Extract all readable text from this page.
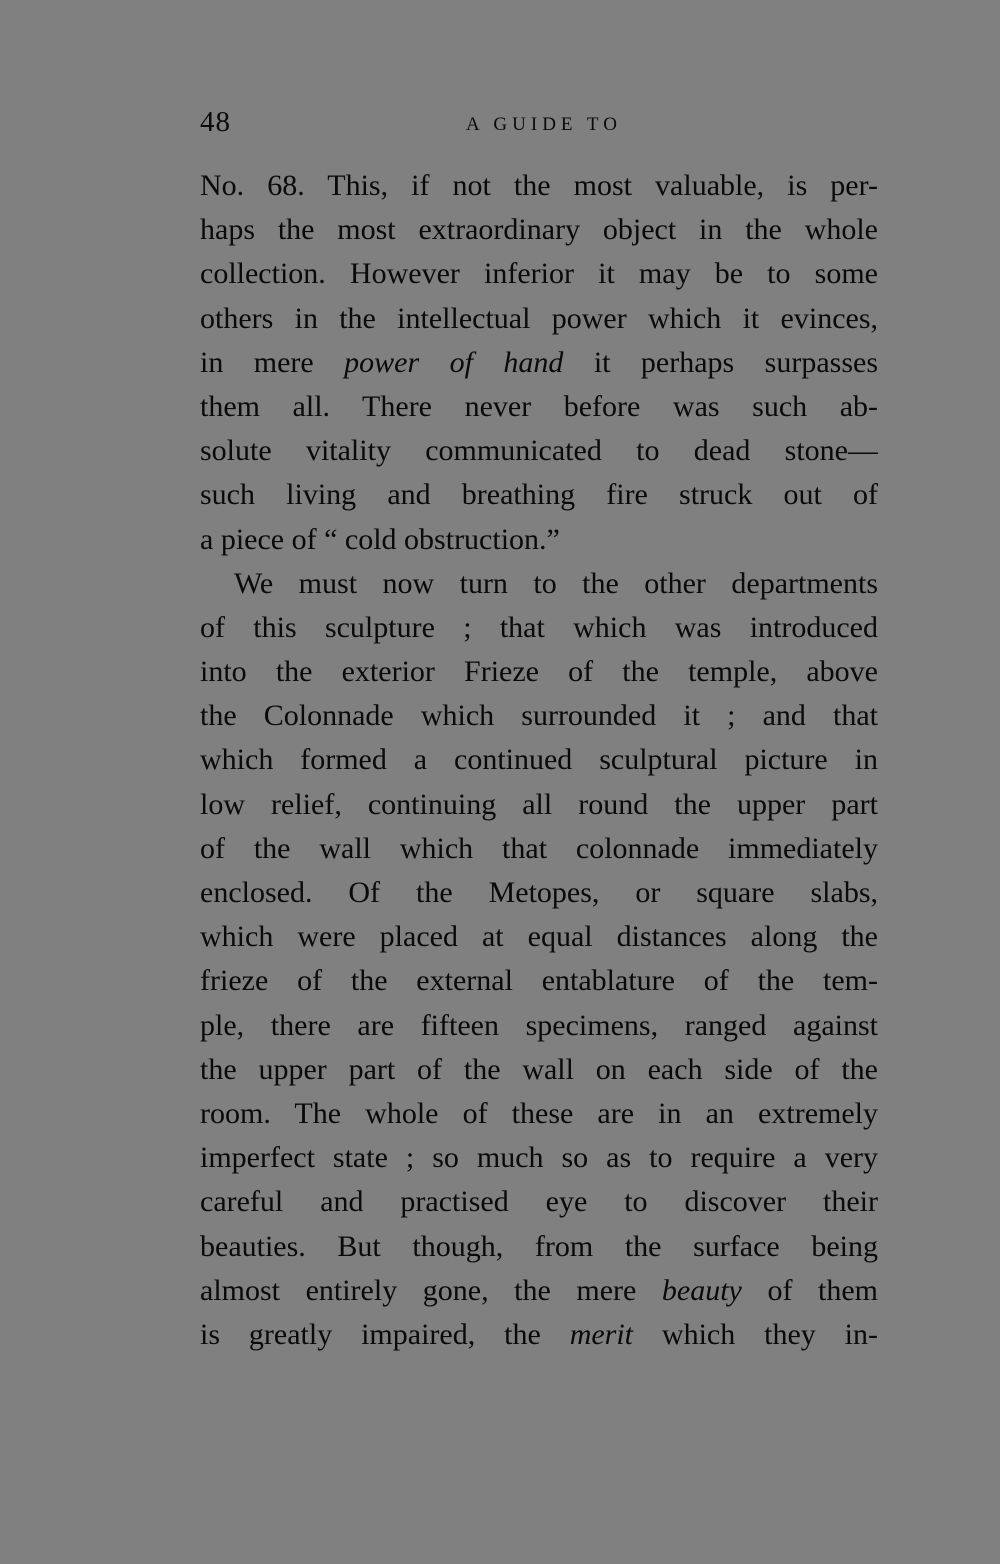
48	A GUIDE TO
No. 68. This, if not the most valuable, is per-
haps the most extraordinary object in the whole
collection. However inferior it may be to some
others in the intellectual power which it evinces,
in mere power of hand it perhaps surpasses
them all. There never before was such ab-
solute vitality communicated to dead stone—
such living and breathing fire struck out of
a piece of “ cold obstruction.”
We must now turn to the other departments
of this sculpture ; that which was introduced
into the exterior Frieze of the temple, above
the Colonnade which surrounded it ; and that
which formed a continued sculptural picture in
low relief, continuing all round the upper part
of the wall which that colonnade immediately
enclosed. Of the Metopes, or square slabs,
which were placed at equal distances along the
frieze of the external entablature of the tem-
ple, there are fifteen specimens, ranged against
the upper part of the wall on each side of the
room. The whole of these are in an extremely
imperfect state ; so much so as to require a very
careful and practised eye to discover their
beauties. But though, from the surface being
almost entirely gone, the mere beauty of them
is greatly impaired, the merit which they in-
